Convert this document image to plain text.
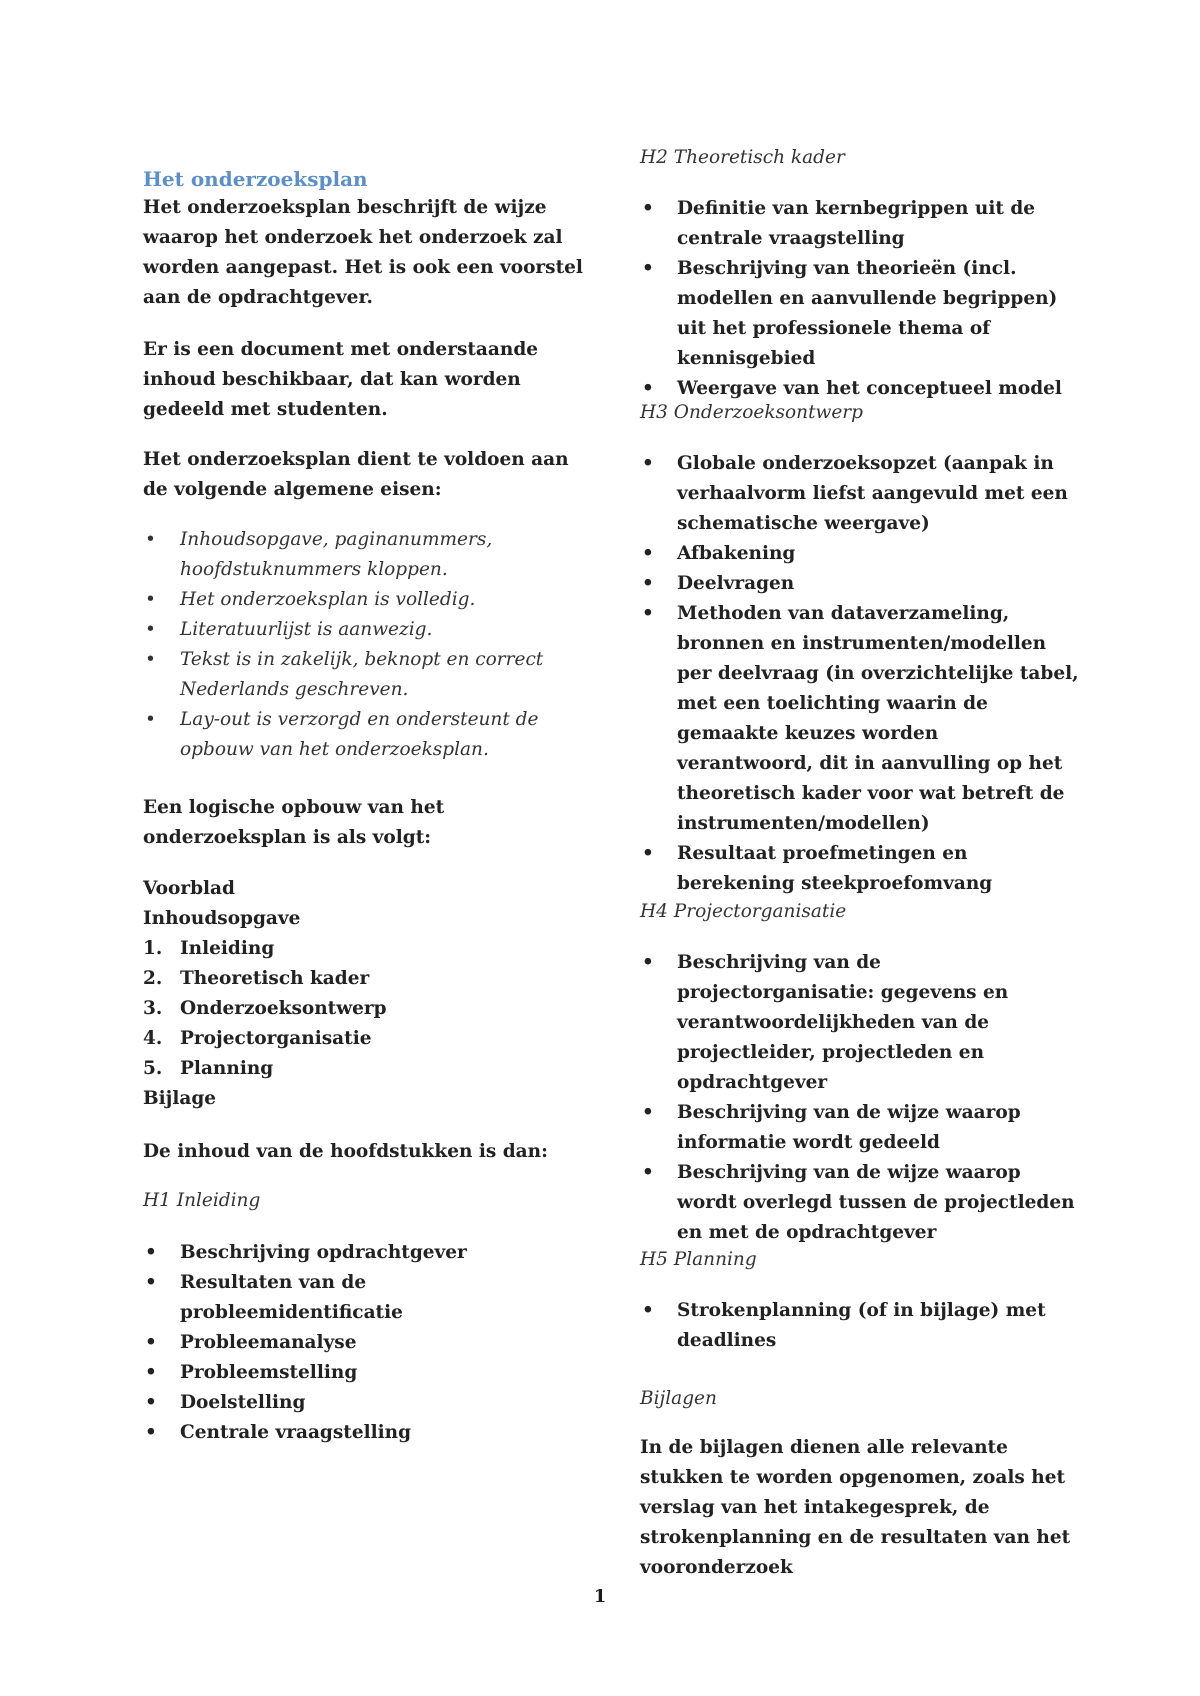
Het onderzoeksplan

Het onderzoeksplan beschrijft de wijze waarop het onderzoek het onderzoek zal worden aangepast. Het is ook een voorstel aan de opdrachtgever.

Er is een document met onderstaande inhoud beschikbaar, dat kan worden gedeeld met studenten.

Het onderzoeksplan dient te voldoen aan de volgende algemene eisen:

• Inhoudsopgave, paginanummers, hoofdstuknummers kloppen.
• Het onderzoeksplan is volledig.
• Literatuurlijst is aanwezig.
• Tekst is in zakelijk, beknopt en correct Nederlands geschreven.
• Lay-out is verzorgd en ondersteunt de opbouw van het onderzoeksplan.

Een logische opbouw van het onderzoeksplan is als volgt:

Voorblad

Inhoudsopgave

1. Inleiding
2. Theoretisch kader
3. Onderzoeksontwerp
4. Projectorganisatie
5. Planning

Bijlage

De inhoud van de hoofdstukken is dan:

H1 Inleiding

• Beschrijving opdrachtgever
• Resultaten van de probleemidentificatie
• Probleemanalyse
• Probleemstelling
• Doelstelling
• Centrale vraagstelling

H2 Theoretisch kader

• Definitie van kernbegrippen uit de centrale vraagstelling
• Beschrijving van theorieën (incl. modellen en aanvullende begrippen) uit het professionele thema of kennisgebied
• Weergave van het conceptueel model

H3 Onderzoeksontwerp

• Globale onderzoeksopzet (aanpak in verhaalvorm liefst aangevuld met een schematische weergave)
• Afbakening
• Deelvragen
• Methoden van dataverzameling, bronnen en instrumenten/modellen per deelvraag (in overzichtelijke tabel, met een toelichting waarin de gemaakte keuzes worden verantwoord, dit in aanvulling op het theoretisch kader voor wat betreft de instrumenten/modellen)
• Resultaat proefmetingen en berekening steekproefomvang

H4 Projectorganisatie

• Beschrijving van de projectorganisatie: gegevens en verantwoordelijkheden van de projectleider, projectleden en opdrachtgever
• Beschrijving van de wijze waarop informatie wordt gedeeld
• Beschrijving van de wijze waarop wordt overlegd tussen de projectleden en met de opdrachtgever

H5 Planning

• Strokenplanning (of in bijlage) met deadlines

Bijlagen

In de bijlagen dienen alle relevante stukken te worden opgenomen, zoals het verslag van het intakegesprek, de strokenplanning en de resultaten van het vooronderzoek

1
